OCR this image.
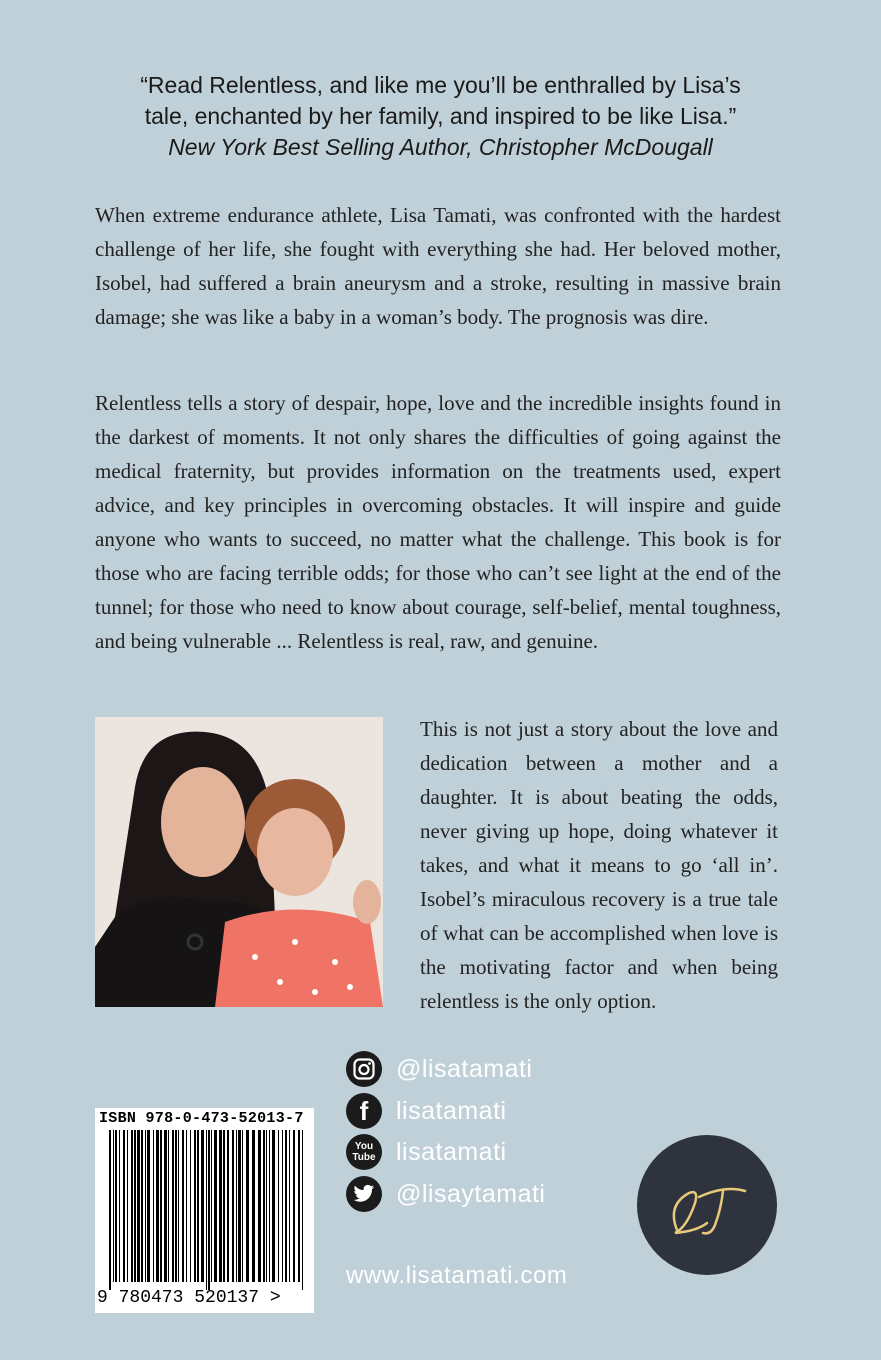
“Read Relentless, and like me you’ll be enthralled by Lisa’s
tale, enchanted by her family, and inspired to be like Lisa.”
New York Best Selling Author, Christopher McDougall

When extreme endurance athlete, Lisa Tamati, was confronted with the hardest challenge of her life, she fought with everything she had. Her beloved mother, Isobel, had suffered a brain aneurysm and a stroke, resulting in massive brain damage; she was like a baby in a woman’s body. The prognosis was dire.

Relentless tells a story of despair, hope, love and the incredible insights found in the darkest of moments. It not only shares the difficulties of going against the medical fraternity, but provides information on the treatments used, expert advice, and key principles in overcoming obstacles. It will inspire and guide anyone who wants to succeed, no matter what the challenge. This book is for those who are facing terrible odds; for those who can’t see light at the end of the tunnel; for those who need to know about courage, self-belief, mental toughness, and being vulnerable ... Relentless is real, raw, and genuine.

This is not just a story about the love and dedication between a mother and a daughter. It is about beating the odds, never giving up hope, doing whatever it takes, and what it means to go ‘all in’. Isobel’s miraculous recovery is a true tale of what can be accomplished when love is the motivating factor and when being relentless is the only option.

@lisatamati
f lisatamati
You
Tube lisatamati
@lisaytamati
ISBN 978-0-473-52013-7
9 780473 520137 >
www.lisatamati.com
